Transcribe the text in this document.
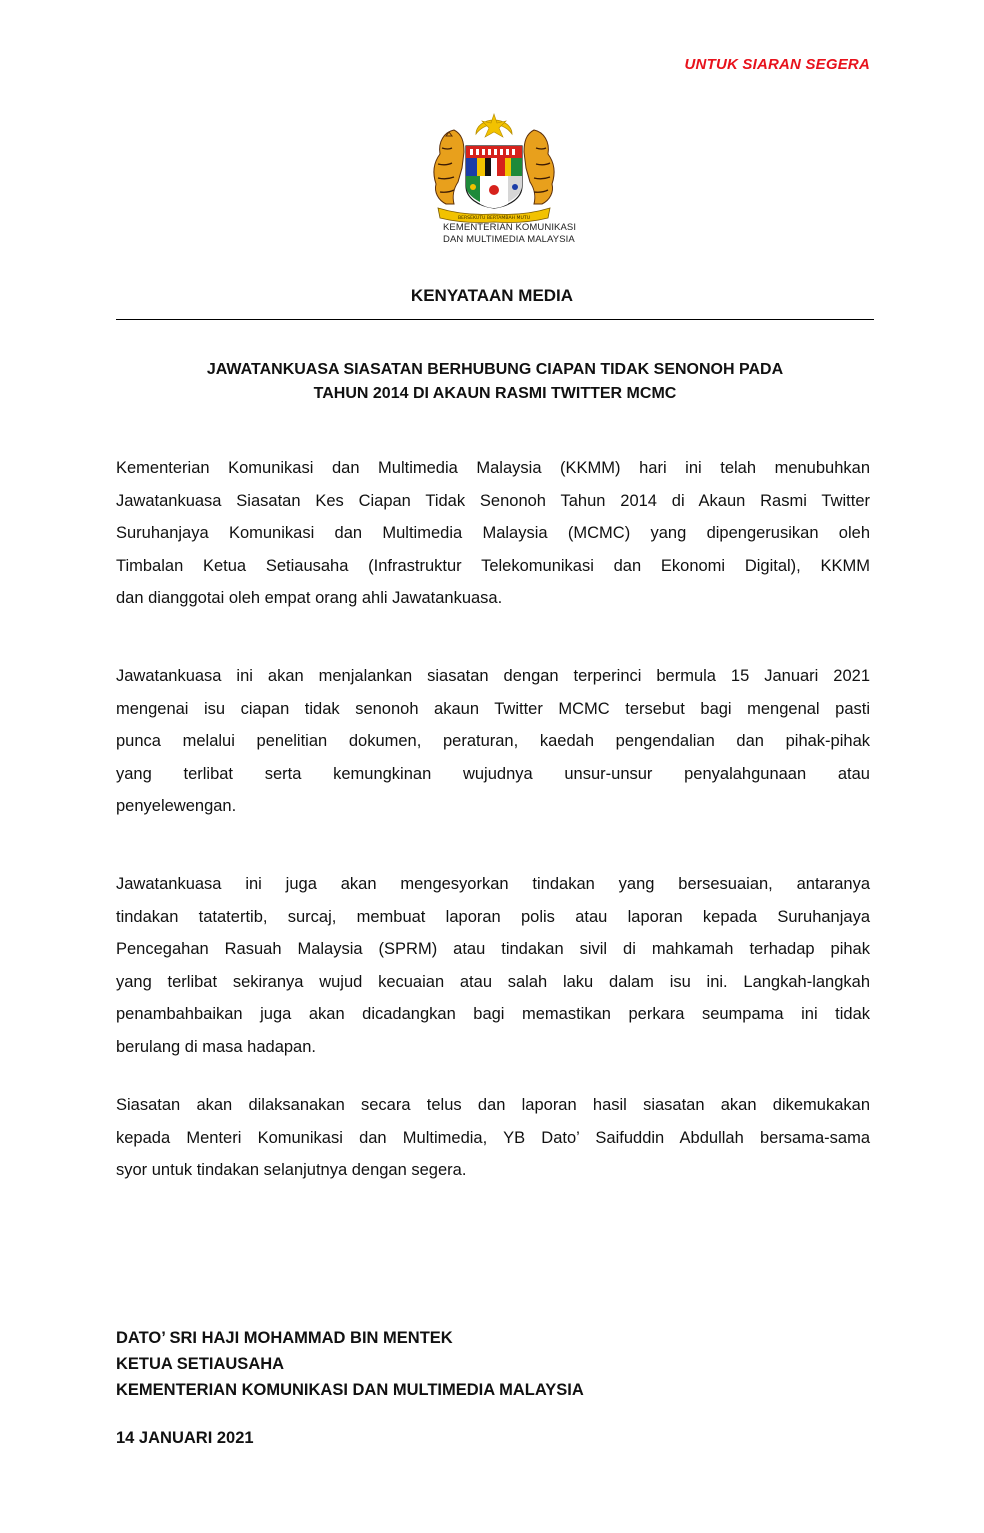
UNTUK SIARAN SEGERA
BERSEKUTU BERTAMBAH MUTU
KEMENTERIAN KOMUNIKASI
DAN MULTIMEDIA MALAYSIA
KENYATAAN MEDIA
JAWATANKUASA SIASATAN BERHUBUNG CIAPAN TIDAK SENONOH PADA
TAHUN 2014 DI AKAUN RASMI TWITTER MCMC
Kementerian Komunikasi dan Multimedia Malaysia (KKMM) hari ini telah menubuhkan
Jawatankuasa Siasatan Kes Ciapan Tidak Senonoh Tahun 2014 di Akaun Rasmi Twitter
Suruhanjaya Komunikasi dan Multimedia Malaysia (MCMC) yang dipengerusikan oleh
Timbalan Ketua Setiausaha (Infrastruktur Telekomunikasi dan Ekonomi Digital), KKMM
dan dianggotai oleh empat orang ahli Jawatankuasa.
Jawatankuasa ini akan menjalankan siasatan dengan terperinci bermula 15 Januari 2021
mengenai isu ciapan tidak senonoh akaun Twitter MCMC tersebut bagi mengenal pasti
punca melalui penelitian dokumen, peraturan, kaedah pengendalian dan pihak-pihak
yang terlibat serta kemungkinan wujudnya unsur-unsur penyalahgunaan atau
penyelewengan.
Jawatankuasa ini juga akan mengesyorkan tindakan yang bersesuaian, antaranya
tindakan tatatertib, surcaj, membuat laporan polis atau laporan kepada Suruhanjaya
Pencegahan Rasuah Malaysia (SPRM) atau tindakan sivil di mahkamah terhadap pihak
yang terlibat sekiranya wujud kecuaian atau salah laku dalam isu ini. Langkah-langkah
penambahbaikan juga akan dicadangkan bagi memastikan perkara seumpama ini tidak
berulang di masa hadapan.
Siasatan akan dilaksanakan secara telus dan laporan hasil siasatan akan dikemukakan
kepada Menteri Komunikasi dan Multimedia, YB Dato’ Saifuddin Abdullah bersama-sama
syor untuk tindakan selanjutnya dengan segera.
DATO’ SRI HAJI MOHAMMAD BIN MENTEK
KETUA SETIAUSAHA
KEMENTERIAN KOMUNIKASI DAN MULTIMEDIA MALAYSIA
14 JANUARI 2021
